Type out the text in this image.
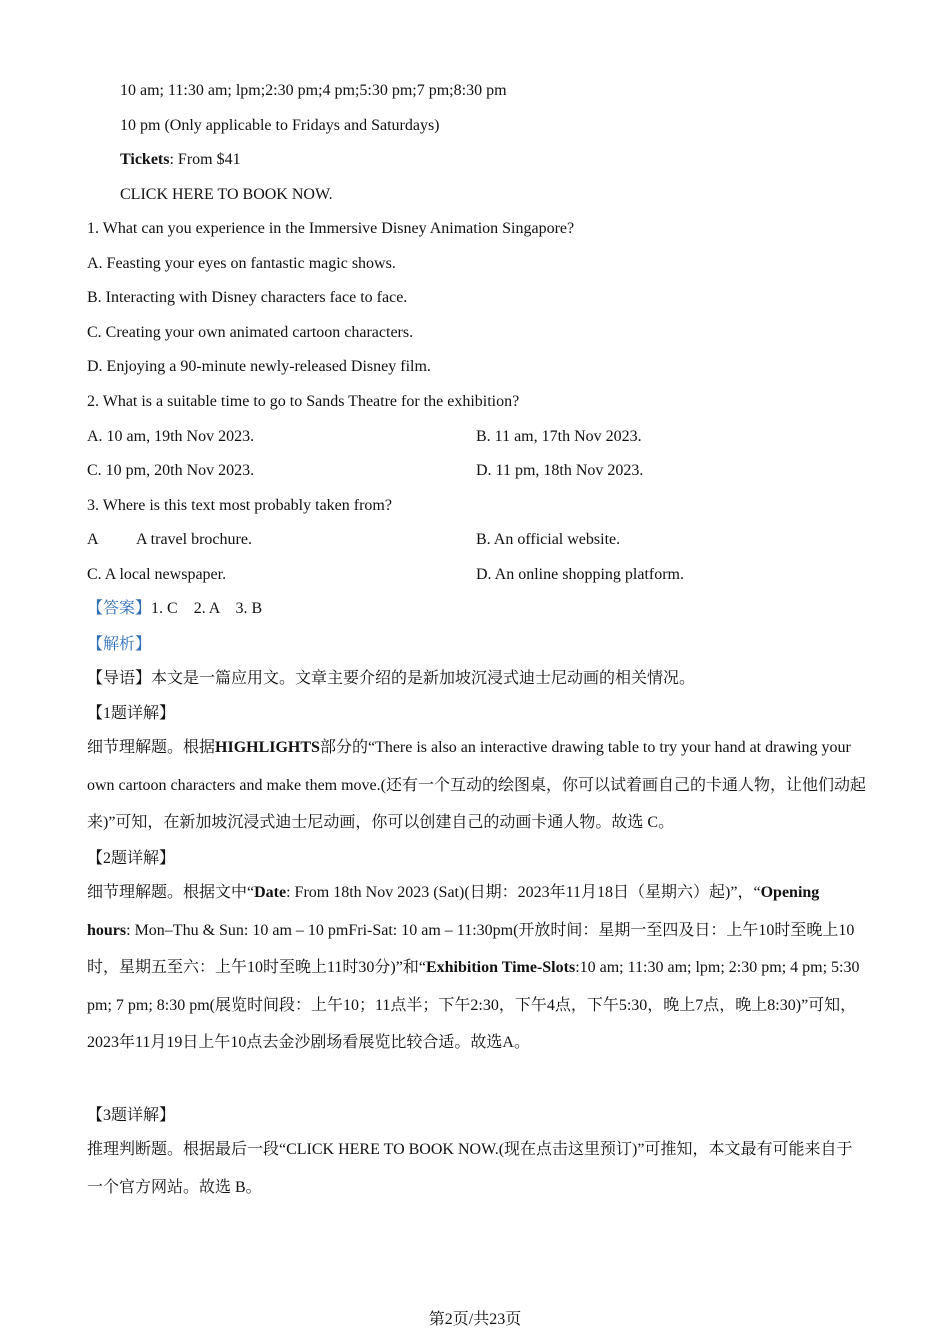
10 am; 11:30 am; lpm;2:30 pm;4 pm;5:30 pm;7 pm;8:30 pm
10 pm (Only applicable to Fridays and Saturdays)
Tickets: From $41
CLICK HERE TO BOOK NOW.
1. What can you experience in the Immersive Disney Animation Singapore?
A. Feasting your eyes on fantastic magic shows.
B. Interacting with Disney characters face to face.
C. Creating your own animated cartoon characters.
D. Enjoying a 90-minute newly-released Disney film.
2. What is a suitable time to go to Sands Theatre for the exhibition?
A. 10 am, 19th Nov 2023.	B. 11 am, 17th Nov 2023.
C. 10 pm, 20th Nov 2023.	D. 11 pm, 18th Nov 2023.
3. Where is this text most probably taken from?
A A travel brochure.	B. An official website.
C. A local newspaper.	D. An online shopping platform.
【答案】1. C    2. A    3. B
【解析】
【导语】本文是一篇应用文。文章主要介绍的是新加坡沉浸式迪士尼动画的相关情况。
【1题详解】
细节理解题。根据HIGHLIGHTS部分的“There is also an interactive drawing table to try your hand at drawing your own cartoon characters and make them move.(还有一个互动的绘图桌，你可以试着画自己的卡通人物，让他们动起来)”可知，在新加坡沉浸式迪士尼动画，你可以创建自己的动画卡通人物。故选 C。
【2题详解】
细节理解题。根据文中“Date: From 18th Nov 2023 (Sat)(日期：2023年11月18日（星期六）起)”，“Opening hours: Mon–Thu & Sun: 10 am – 10 pmFri-Sat: 10 am – 11:30pm(开放时间：星期一至四及日：上午10时至晚上10时，星期五至六：上午10时至晚上11时30分)”和“Exhibition Time-Slots:10 am; 11:30 am; lpm; 2:30 pm; 4 pm; 5:30 pm; 7 pm; 8:30 pm(展览时间段：上午10；11点半；下午2:30，下午4点，下午5:30，晚上7点，晚上8:30)”可知，2023年11月19日上午10点去金沙剧场看展览比较合适。故选A。
【3题详解】
推理判断题。根据最后一段“CLICK HERE TO BOOK NOW.(现在点击这里预订)”可推知，本文最有可能来自于一个官方网站。故选 B。
第2页/共23页
